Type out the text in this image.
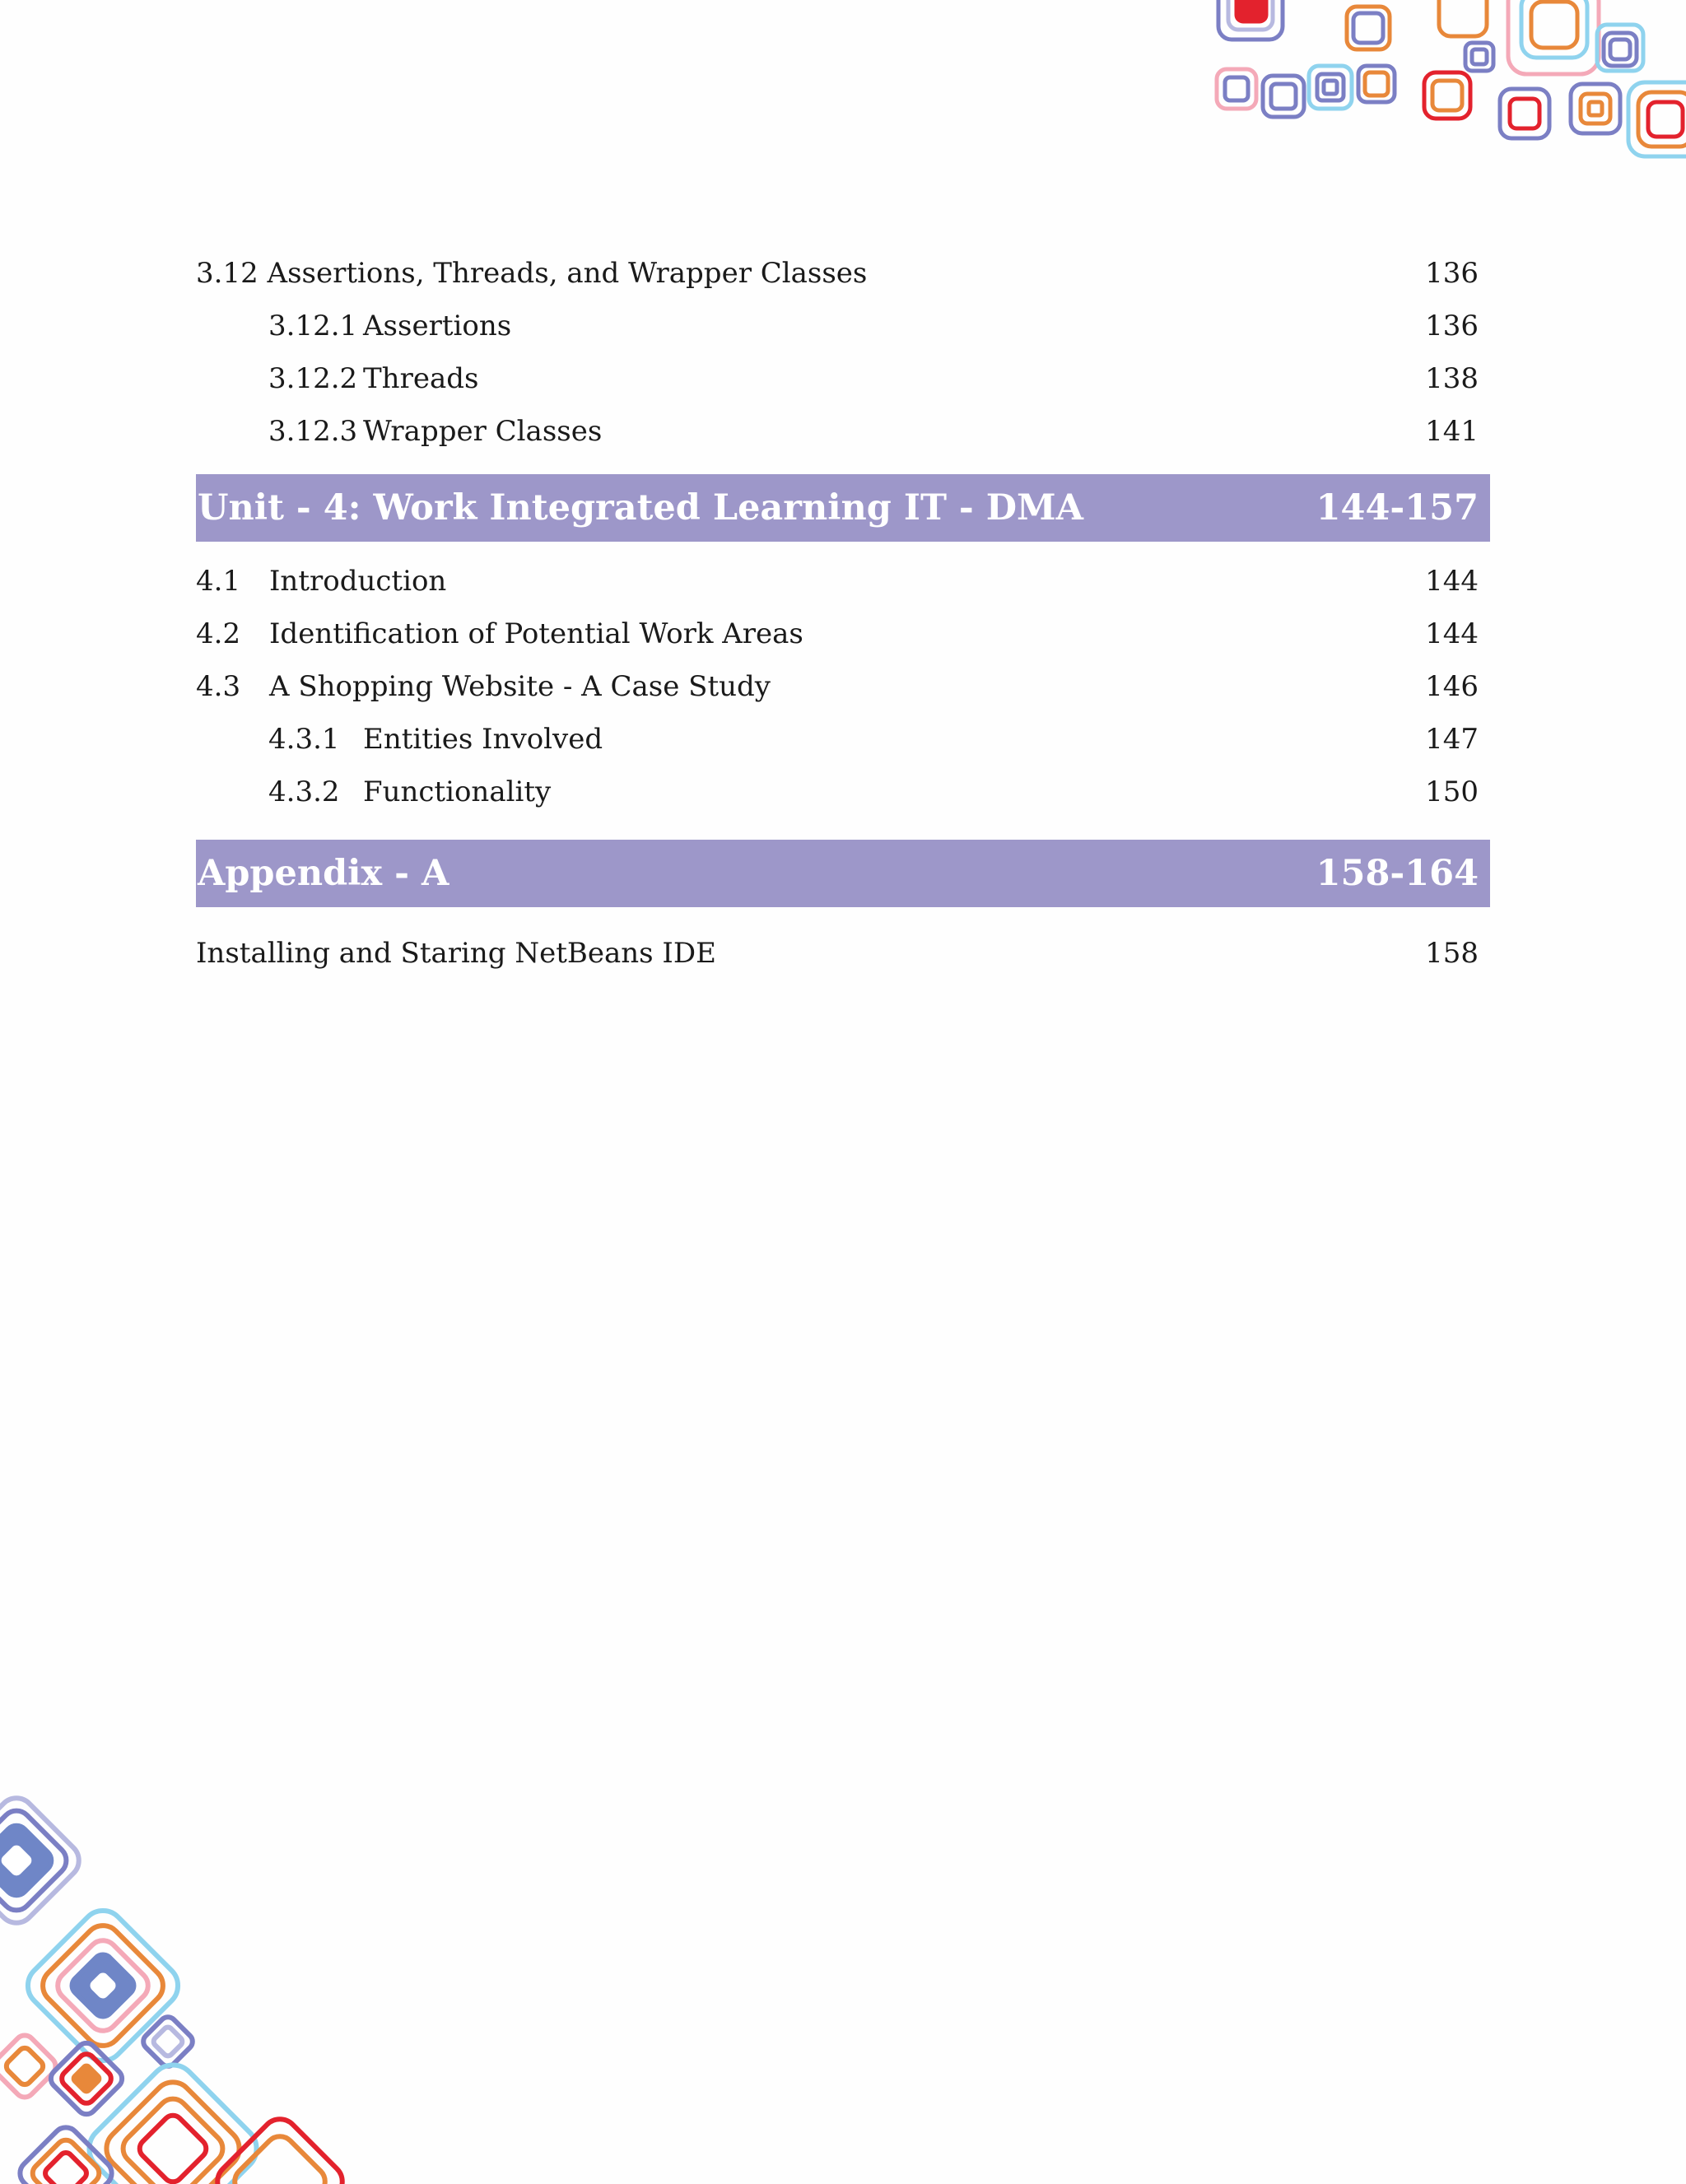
3.12 Assertions, Threads, and Wrapper Classes	136
3.12.1 Assertions	136
3.12.2 Threads	138
3.12.3 Wrapper Classes	141
Unit - 4: Work Integrated Learning IT - DMA	144-157
4.1 Introduction	144
4.2 Identification of Potential Work Areas	144
4.3 A Shopping Website - A Case Study	146
4.3.1 Entities Involved	147
4.3.2 Functionality	150
Appendix - A	158-164
Installing and Staring NetBeans IDE	158
